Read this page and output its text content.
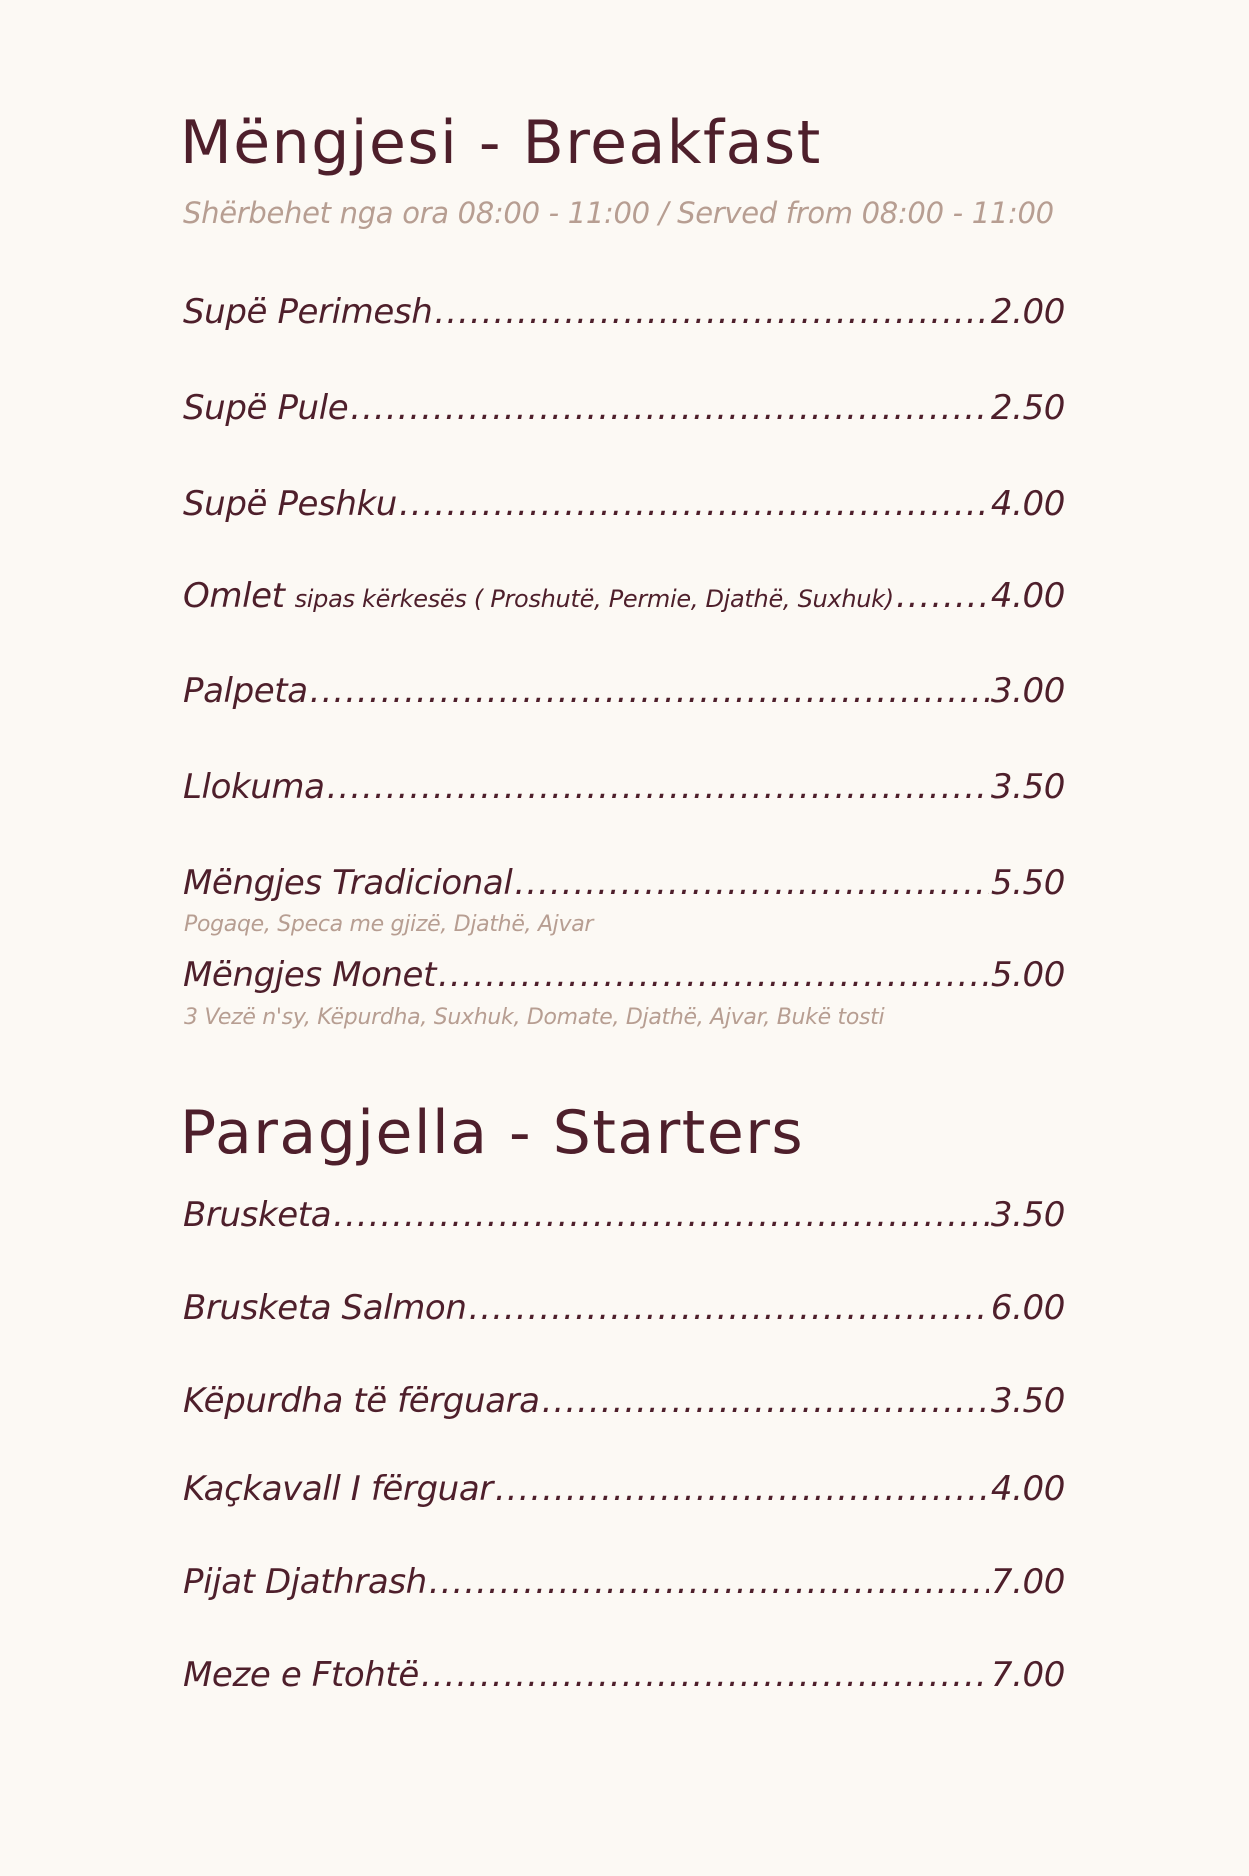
Mëngjesi - Breakfast
Shërbehet nga ora 08:00 - 11:00 / Served from 08:00 - 11:00
Supë Perimesh .....	2.00
Supë Pule .....	2.50
Supë Peshku .....	4.00
Omlet sipas kërkesës ( Proshutë, Permie, Djathë, Suxhuk) .....	4.00
Palpeta .....	3.00
Llokuma .....	3.50
Mëngjes Tradicional .....	5.50
Pogaqe, Speca me gjizë, Djathë, Ajvar
Mëngjes Monet .....	5.00
3 Vezë n'sy, Këpurdha, Suxhuk, Domate, Djathë, Ajvar, Bukë tosti
Paragjella - Starters
Brusketa .....	3.50
Brusketa Salmon .....	6.00
Këpurdha të fërguara .....	3.50
Kaçkavall I fërguar .....	4.00
Pijat Djathrash .....	7.00
Meze e Ftohtë .....	7.00
